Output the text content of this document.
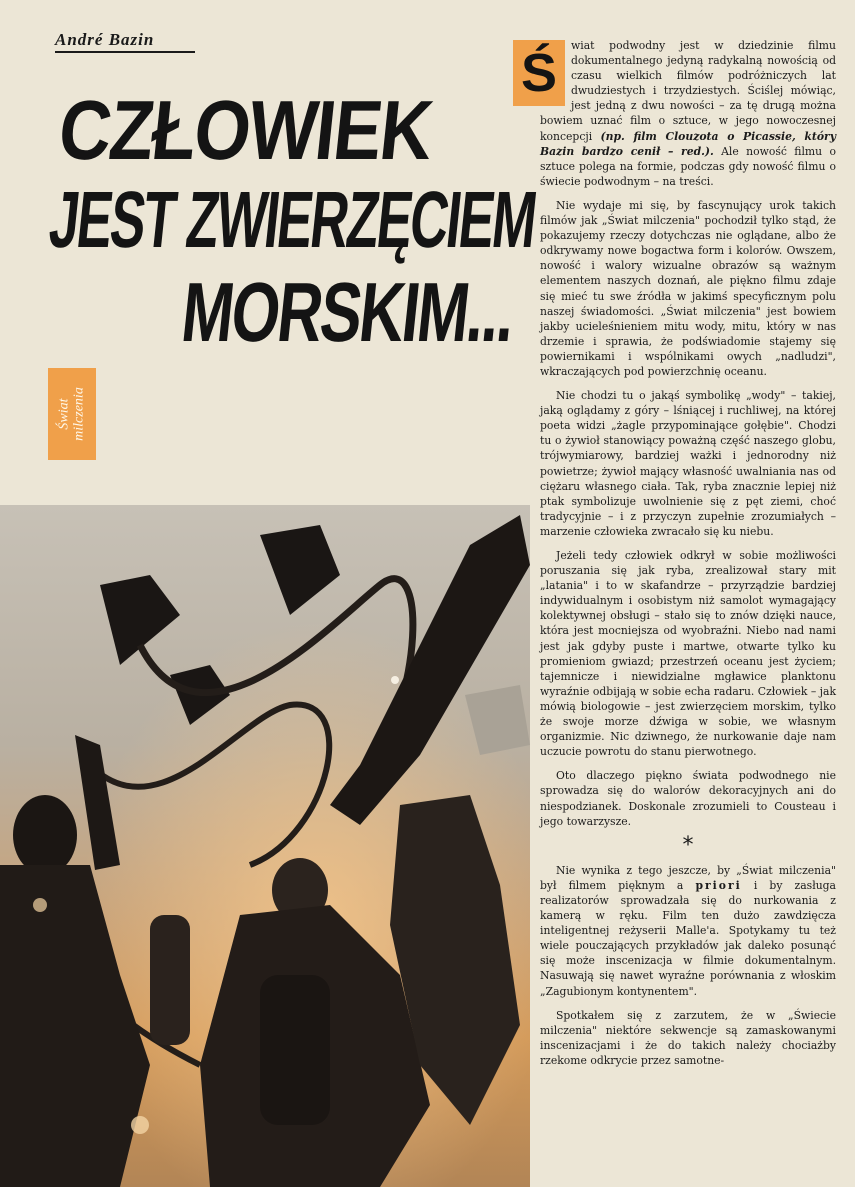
André Bazin
CZŁOWIEK
JEST ZWIERZĘCIEM
MORSKIM...
Świat milczenia

Ś	wiat podwodny jest w dziedzinie filmu dokumentalnego jedyną radykalną nowością od czasu wielkich filmów podróżniczych lat dwudziestych i trzydziestych. Ściślej mówiąc, jest jedną z dwu nowości – za tę drugą można bowiem uznać film o sztuce, w jego nowoczesnej koncepcji (np. film Clouzota o Picassie, który Bazin bardzo cenił – red.). Ale nowość filmu o sztuce polega na formie, podczas gdy nowość filmu o świecie podwodnym – na treści.

Nie wydaje mi się, by fascynujący urok takich filmów jak „Świat milczenia" pochodził tylko stąd, że pokazujemy rzeczy dotychczas nie oglądane, albo że odkrywamy nowe bogactwa form i kolorów. Owszem, nowość i walory wizualne obrazów są ważnym elementem naszych doznań, ale piękno filmu zdaje się mieć tu swe źródła w jakimś specyficznym polu naszej świadomości. „Świat milczenia" jest bowiem jakby ucieleśnieniem mitu wody, mitu, który w nas drzemie i sprawia, że podświadomie stajemy się powiernikami i wspólnikami owych „nadludzi", wkraczających pod powierzchnię oceanu.

Nie chodzi tu o jakąś symbolikę „wody" – takiej, jaką oglądamy z góry – lśniącej i ruchliwej, na której poeta widzi „żagle przypominające gołębie". Chodzi tu o żywioł stanowiący poważną część naszego globu, trójwymiarowy, bardziej ważki i jednorodny niż powietrze; żywioł mający własność uwalniania nas od ciężaru własnego ciała. Tak, ryba znacznie lepiej niż ptak symbolizuje uwolnienie się z pęt ziemi, choć tradycyjnie – i z przyczyn zupełnie zrozumiałych – marzenie człowieka zwracało się ku niebu.

Jeżeli tedy człowiek odkrył w sobie możliwości poruszania się jak ryba, zrealizował stary mit „latania" i to w skafandrze – przyrządzie bardziej indywidualnym i osobistym niż samolot wymagający kolektywnej obsługi – stało się to znów dzięki nauce, która jest mocniejsza od wyobraźni. Niebo nad nami jest jak gdyby puste i martwe, otwarte tylko ku promieniom gwiazd; przestrzeń oceanu jest życiem; tajemnicze i niewidzialne mgławice planktonu wyraźnie odbijają w sobie echa radaru. Człowiek – jak mówią biologowie – jest zwierzęciem morskim, tylko że swoje morze dźwiga w sobie, we własnym organizmie. Nic dziwnego, że nurkowanie daje nam uczucie powrotu do stanu pierwotnego.

Oto dlaczego piękno świata podwodnego nie sprowadza się do walorów dekoracyjnych ani do niespodzianek. Doskonale zrozumieli to Cousteau i jego towarzysze.

*

Nie wynika z tego jeszcze, by „Świat milczenia" był filmem pięknym a priori i by zasługa realizatorów sprowadzała się do nurkowania z kamerą w ręku. Film ten dużo zawdzięcza inteligentnej reżyserii Malle'a. Spotykamy tu też wiele pouczających przykładów jak daleko posunąć się może inscenizacja w filmie dokumentalnym. Nasuwają się nawet wyraźne porównania z włoskim „Zagubionym kontynentem".

Spotkałem się z zarzutem, że w „Świecie milczenia" niektóre sekwencje są zamaskowanymi inscenizacjami i że do takich należy chociażby rzekome odkrycie przez samotne-
